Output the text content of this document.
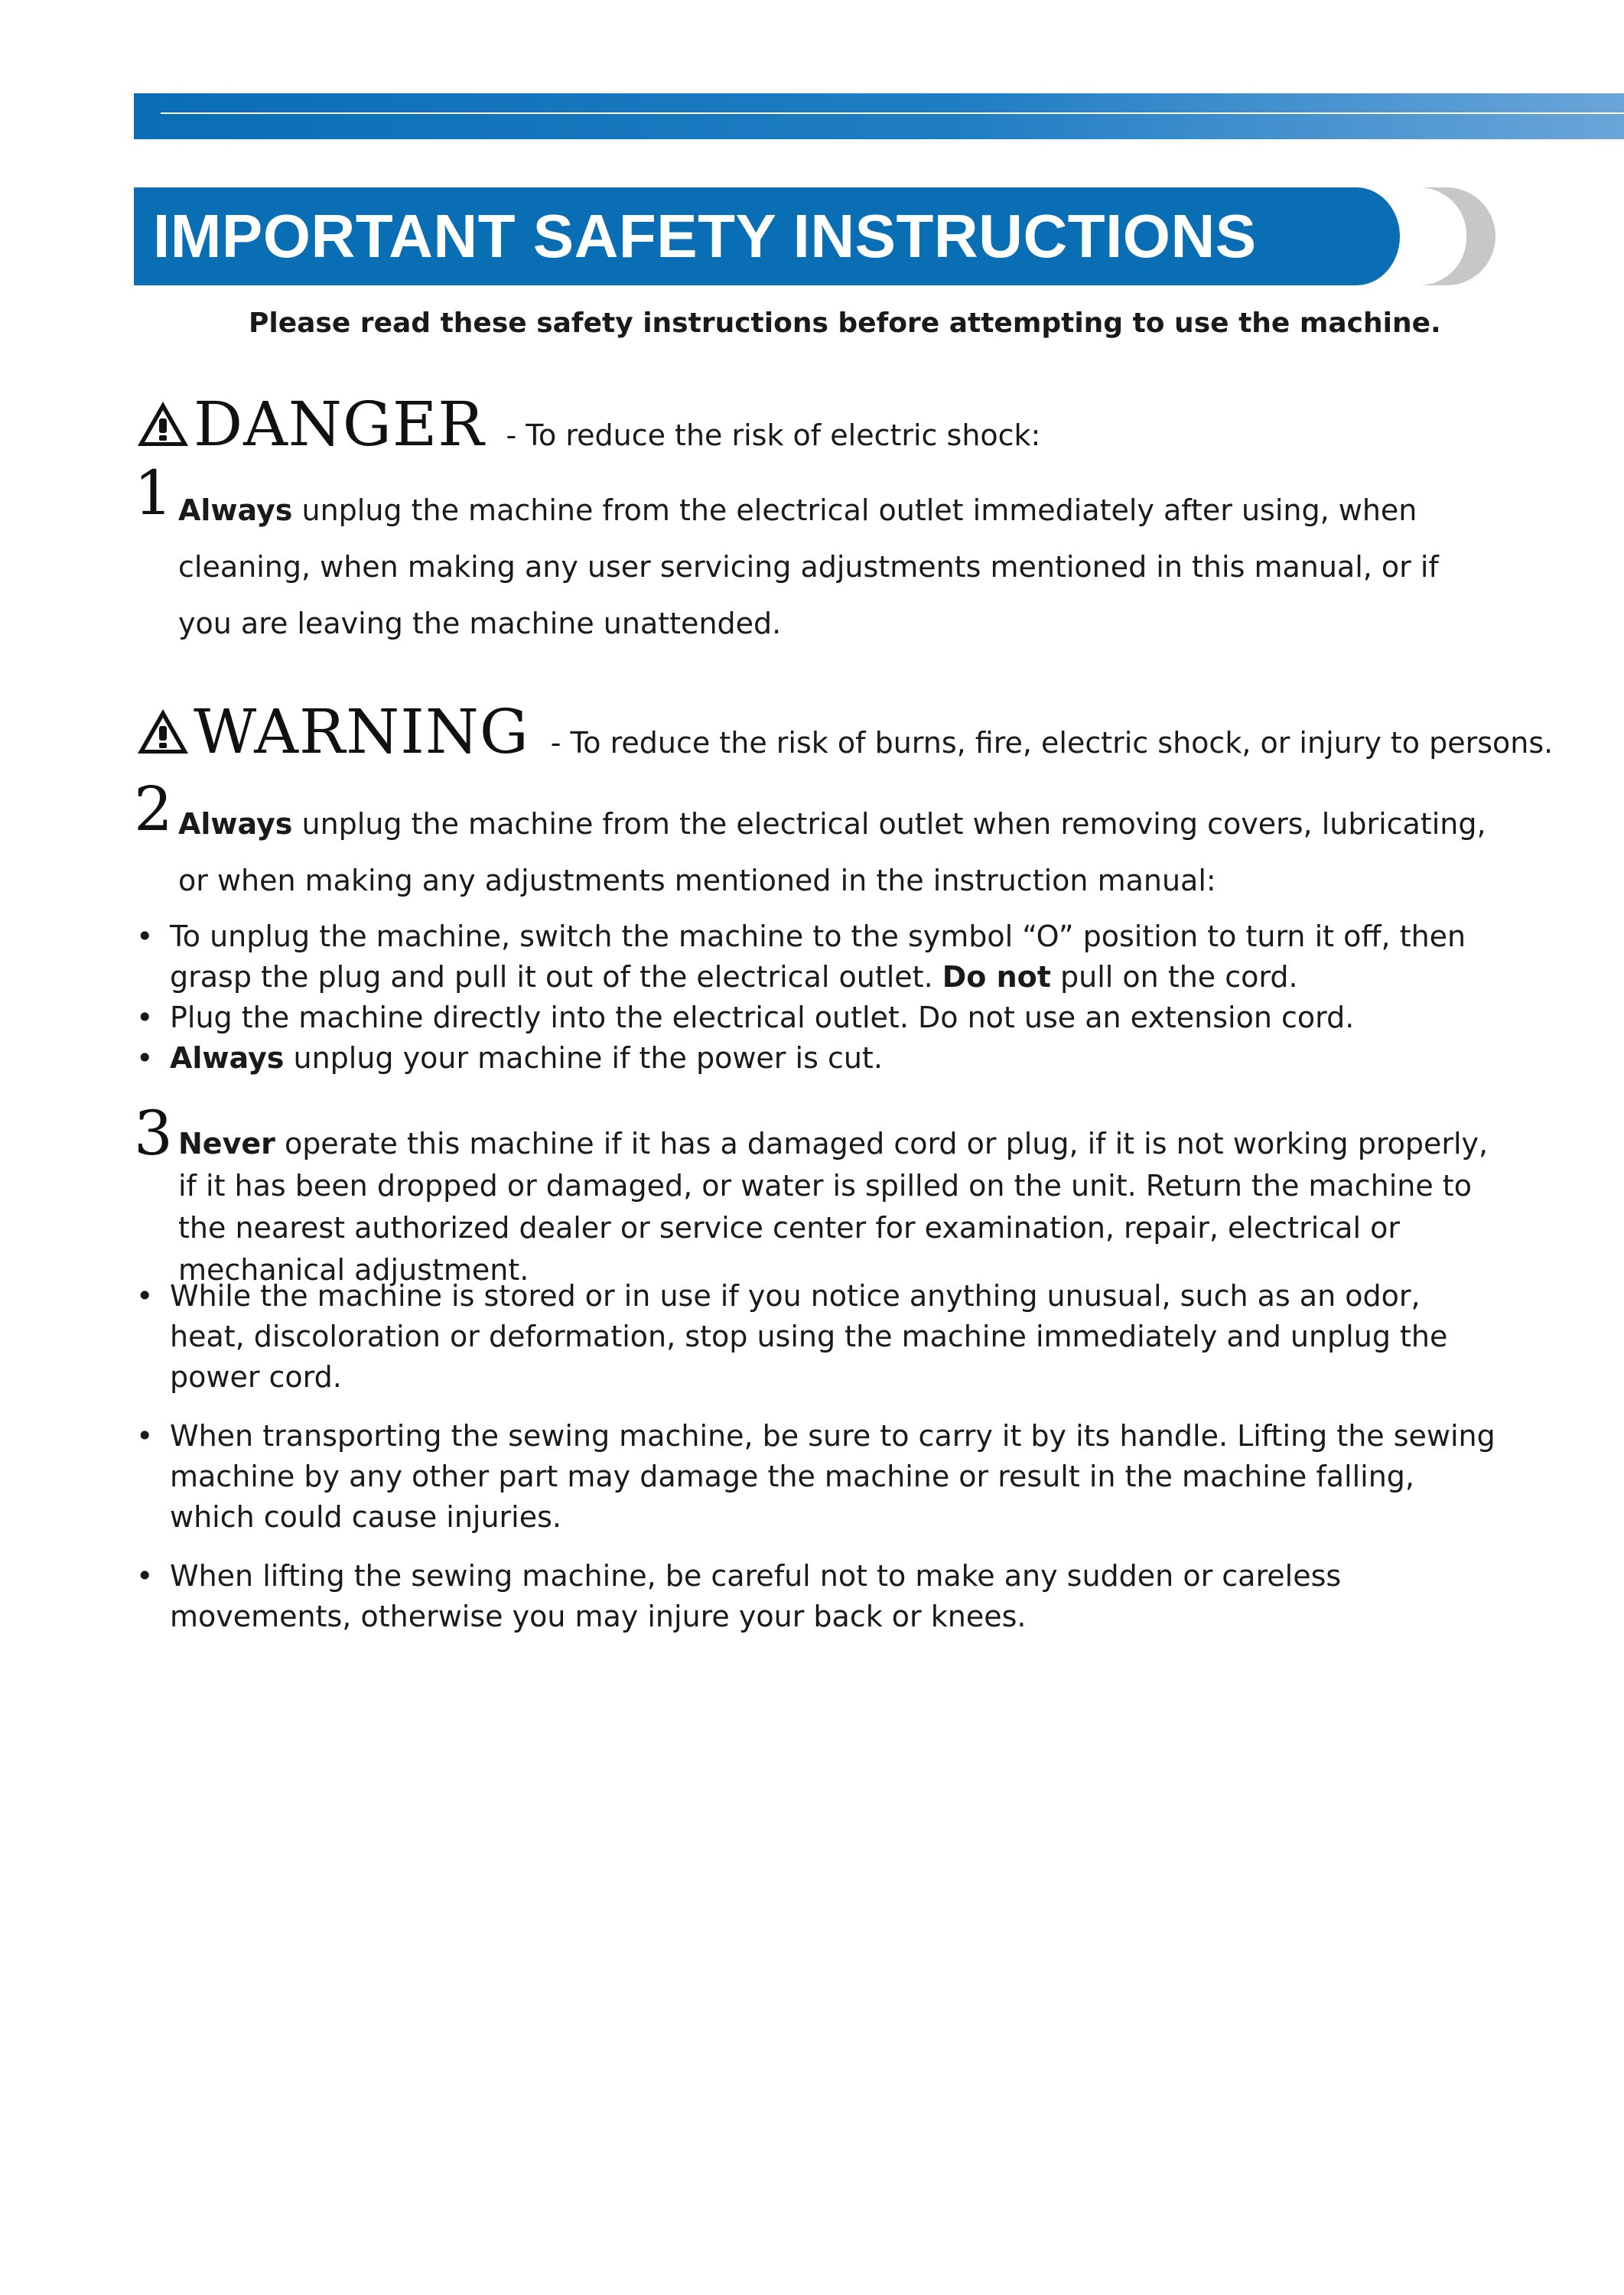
IMPORTANT SAFETY INSTRUCTIONS
Please read these safety instructions before attempting to use the machine.
DANGER - To reduce the risk of electric shock:
1 Always unplug the machine from the electrical outlet immediately after using, when cleaning, when making any user servicing adjustments mentioned in this manual, or if you are leaving the machine unattended.
WARNING - To reduce the risk of burns, fire, electric shock, or injury to persons.
2 Always unplug the machine from the electrical outlet when removing covers, lubricating, or when making any adjustments mentioned in the instruction manual:
• To unplug the machine, switch the machine to the symbol “O” position to turn it off, then grasp the plug and pull it out of the electrical outlet. Do not pull on the cord.
• Plug the machine directly into the electrical outlet. Do not use an extension cord.
• Always unplug your machine if the power is cut.
3 Never operate this machine if it has a damaged cord or plug, if it is not working properly, if it has been dropped or damaged, or water is spilled on the unit. Return the machine to the nearest authorized dealer or service center for examination, repair, electrical or mechanical adjustment.
• While the machine is stored or in use if you notice anything unusual, such as an odor, heat, discoloration or deformation, stop using the machine immediately and unplug the power cord.
• When transporting the sewing machine, be sure to carry it by its handle. Lifting the sewing machine by any other part may damage the machine or result in the machine falling, which could cause injuries.
• When lifting the sewing machine, be careful not to make any sudden or careless movements, otherwise you may injure your back or knees.
